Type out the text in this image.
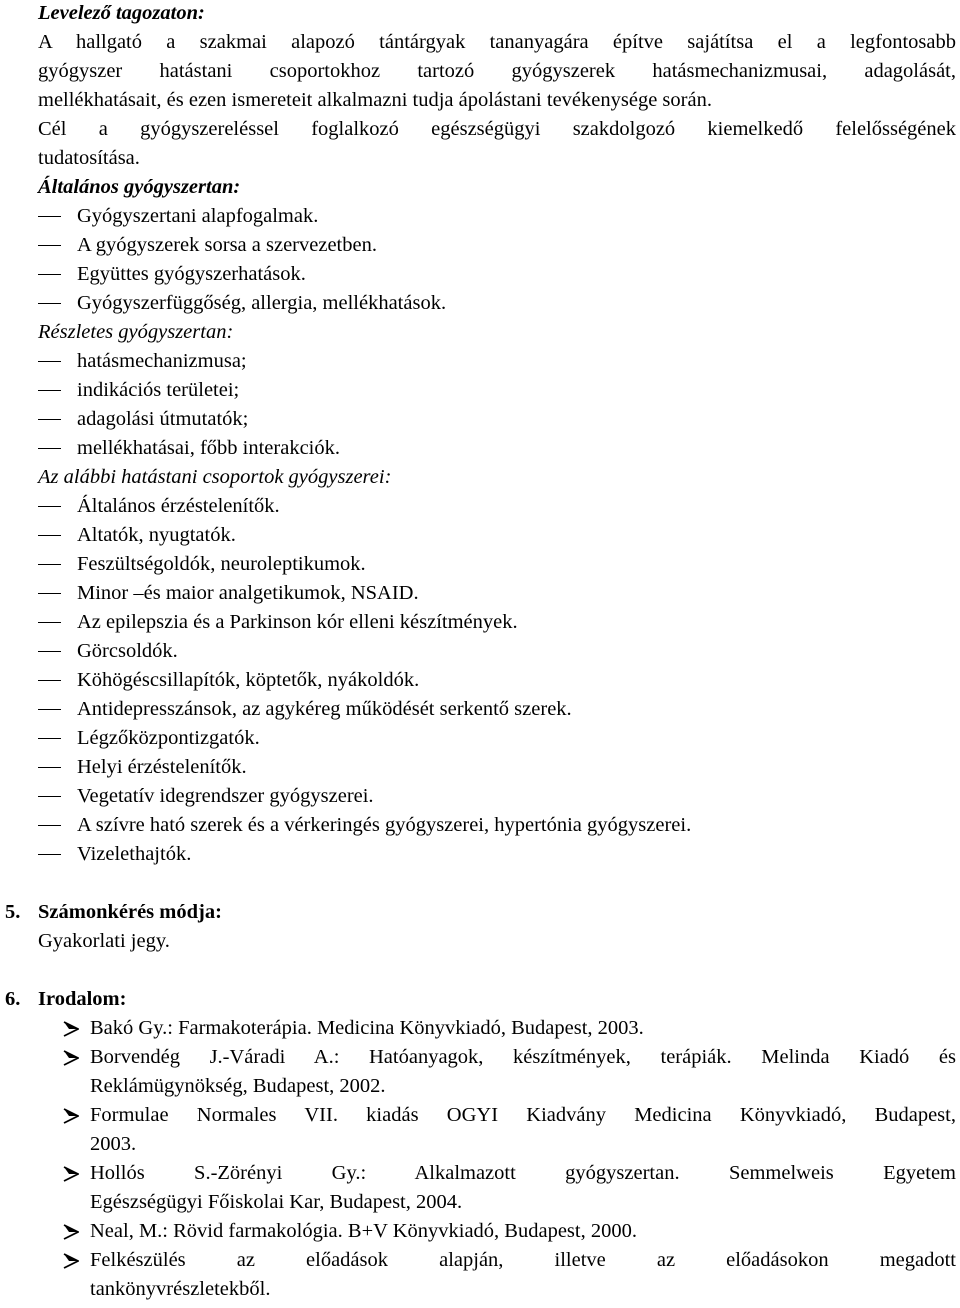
Levelező tagozaton:
A hallgató a szakmai alapozó tántárgyak tananyagára építve sajátítsa el a legfontosabb
gyógyszer hatástani csoportokhoz tartozó gyógyszerek hatásmechanizmusai, adagolását,
mellékhatásait, és ezen ismereteit alkalmazni tudja ápolástani tevékenysége során.
Cél a gyógyszereléssel foglalkozó egészségügyi szakdolgozó kiemelkedő felelősségének
tudatosítása.
Általános gyógyszertan:
Gyógyszertani alapfogalmak.
A gyógyszerek sorsa a szervezetben.
Együttes gyógyszerhatások.
Gyógyszerfüggőség, allergia, mellékhatások.
Részletes gyógyszertan:
hatásmechanizmusa;
indikációs területei;
adagolási útmutatók;
mellékhatásai, főbb interakciók.
Az alábbi hatástani csoportok gyógyszerei:
Általános érzéstelenítők.
Altatók, nyugtatók.
Feszültségoldók, neuroleptikumok.
Minor –és maior analgetikumok, NSAID.
Az epilepszia és a Parkinson kór elleni készítmények.
Görcsoldók.
Köhögéscsillapítók, köptetők, nyákoldók.
Antidepresszánsok, az agykéreg működését serkentő szerek.
Légzőközpontizgatók.
Helyi érzéstelenítők.
Vegetatív idegrendszer gyógyszerei.
A szívre ható szerek és a vérkeringés gyógyszerei, hypertónia gyógyszerei.
Vizelethajtók.
5. Számonkérés módja:
Gyakorlati jegy.
6. Irodalom:
Bakó Gy.: Farmakoterápia. Medicina Könyvkiadó, Budapest, 2003.
Borvendég J.-Váradi A.: Hatóanyagok, készítmények, terápiák. Melinda Kiadó és
Reklámügynökség, Budapest, 2002.
Formulae Normales VII. kiadás OGYI Kiadvány Medicina Könyvkiadó, Budapest,
2003.
Hollós S.-Zörényi Gy.: Alkalmazott gyógyszertan. Semmelweis Egyetem
Egészségügyi Főiskolai Kar, Budapest, 2004.
Neal, M.: Rövid farmakológia. B+V Könyvkiadó, Budapest, 2000.
Felkészülés az előadások alapján, illetve az előadásokon megadott
tankönyvrészletekből.
